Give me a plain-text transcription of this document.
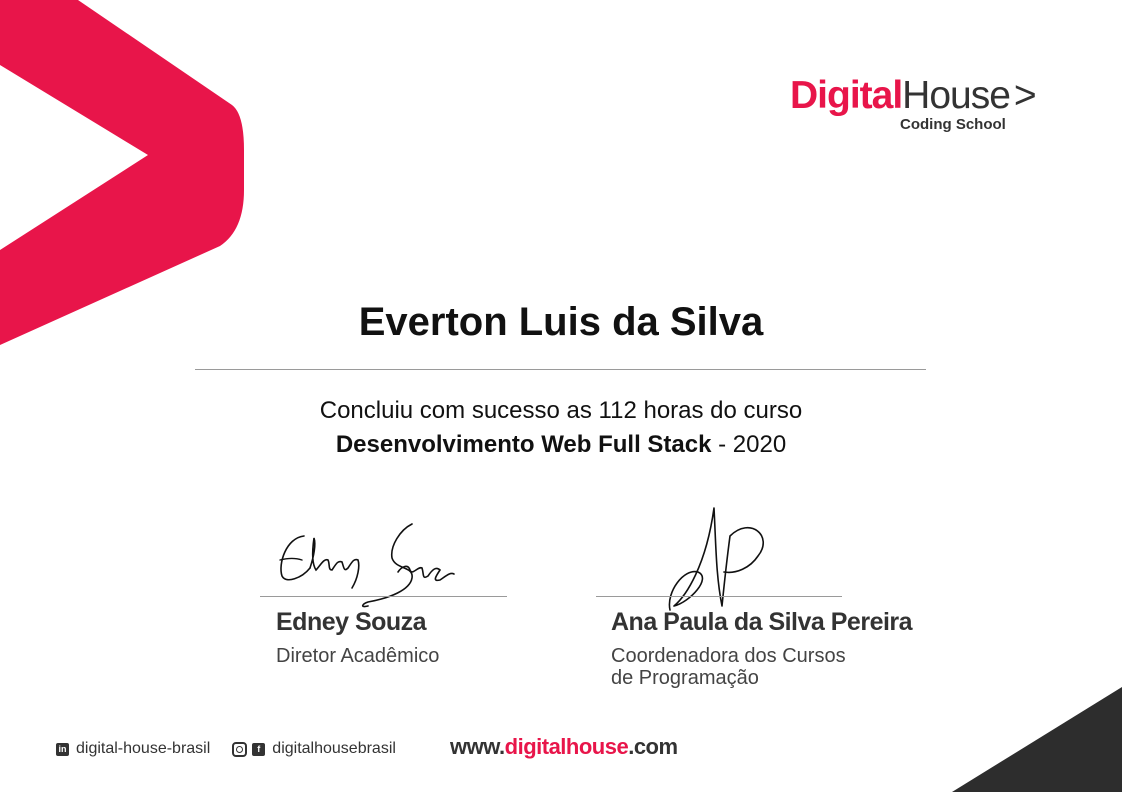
DigitalHouse >
Coding School
Everton Luis da Silva
Concluiu com sucesso as 112 horas do curso
Desenvolvimento Web Full Stack - 2020
Edney Souza
Diretor Acadêmico
Ana Paula da Silva Pereira
Coordenadora dos Cursos
de Programação
in digital-house-brasil	f digitalhousebrasil www.digitalhouse.com
